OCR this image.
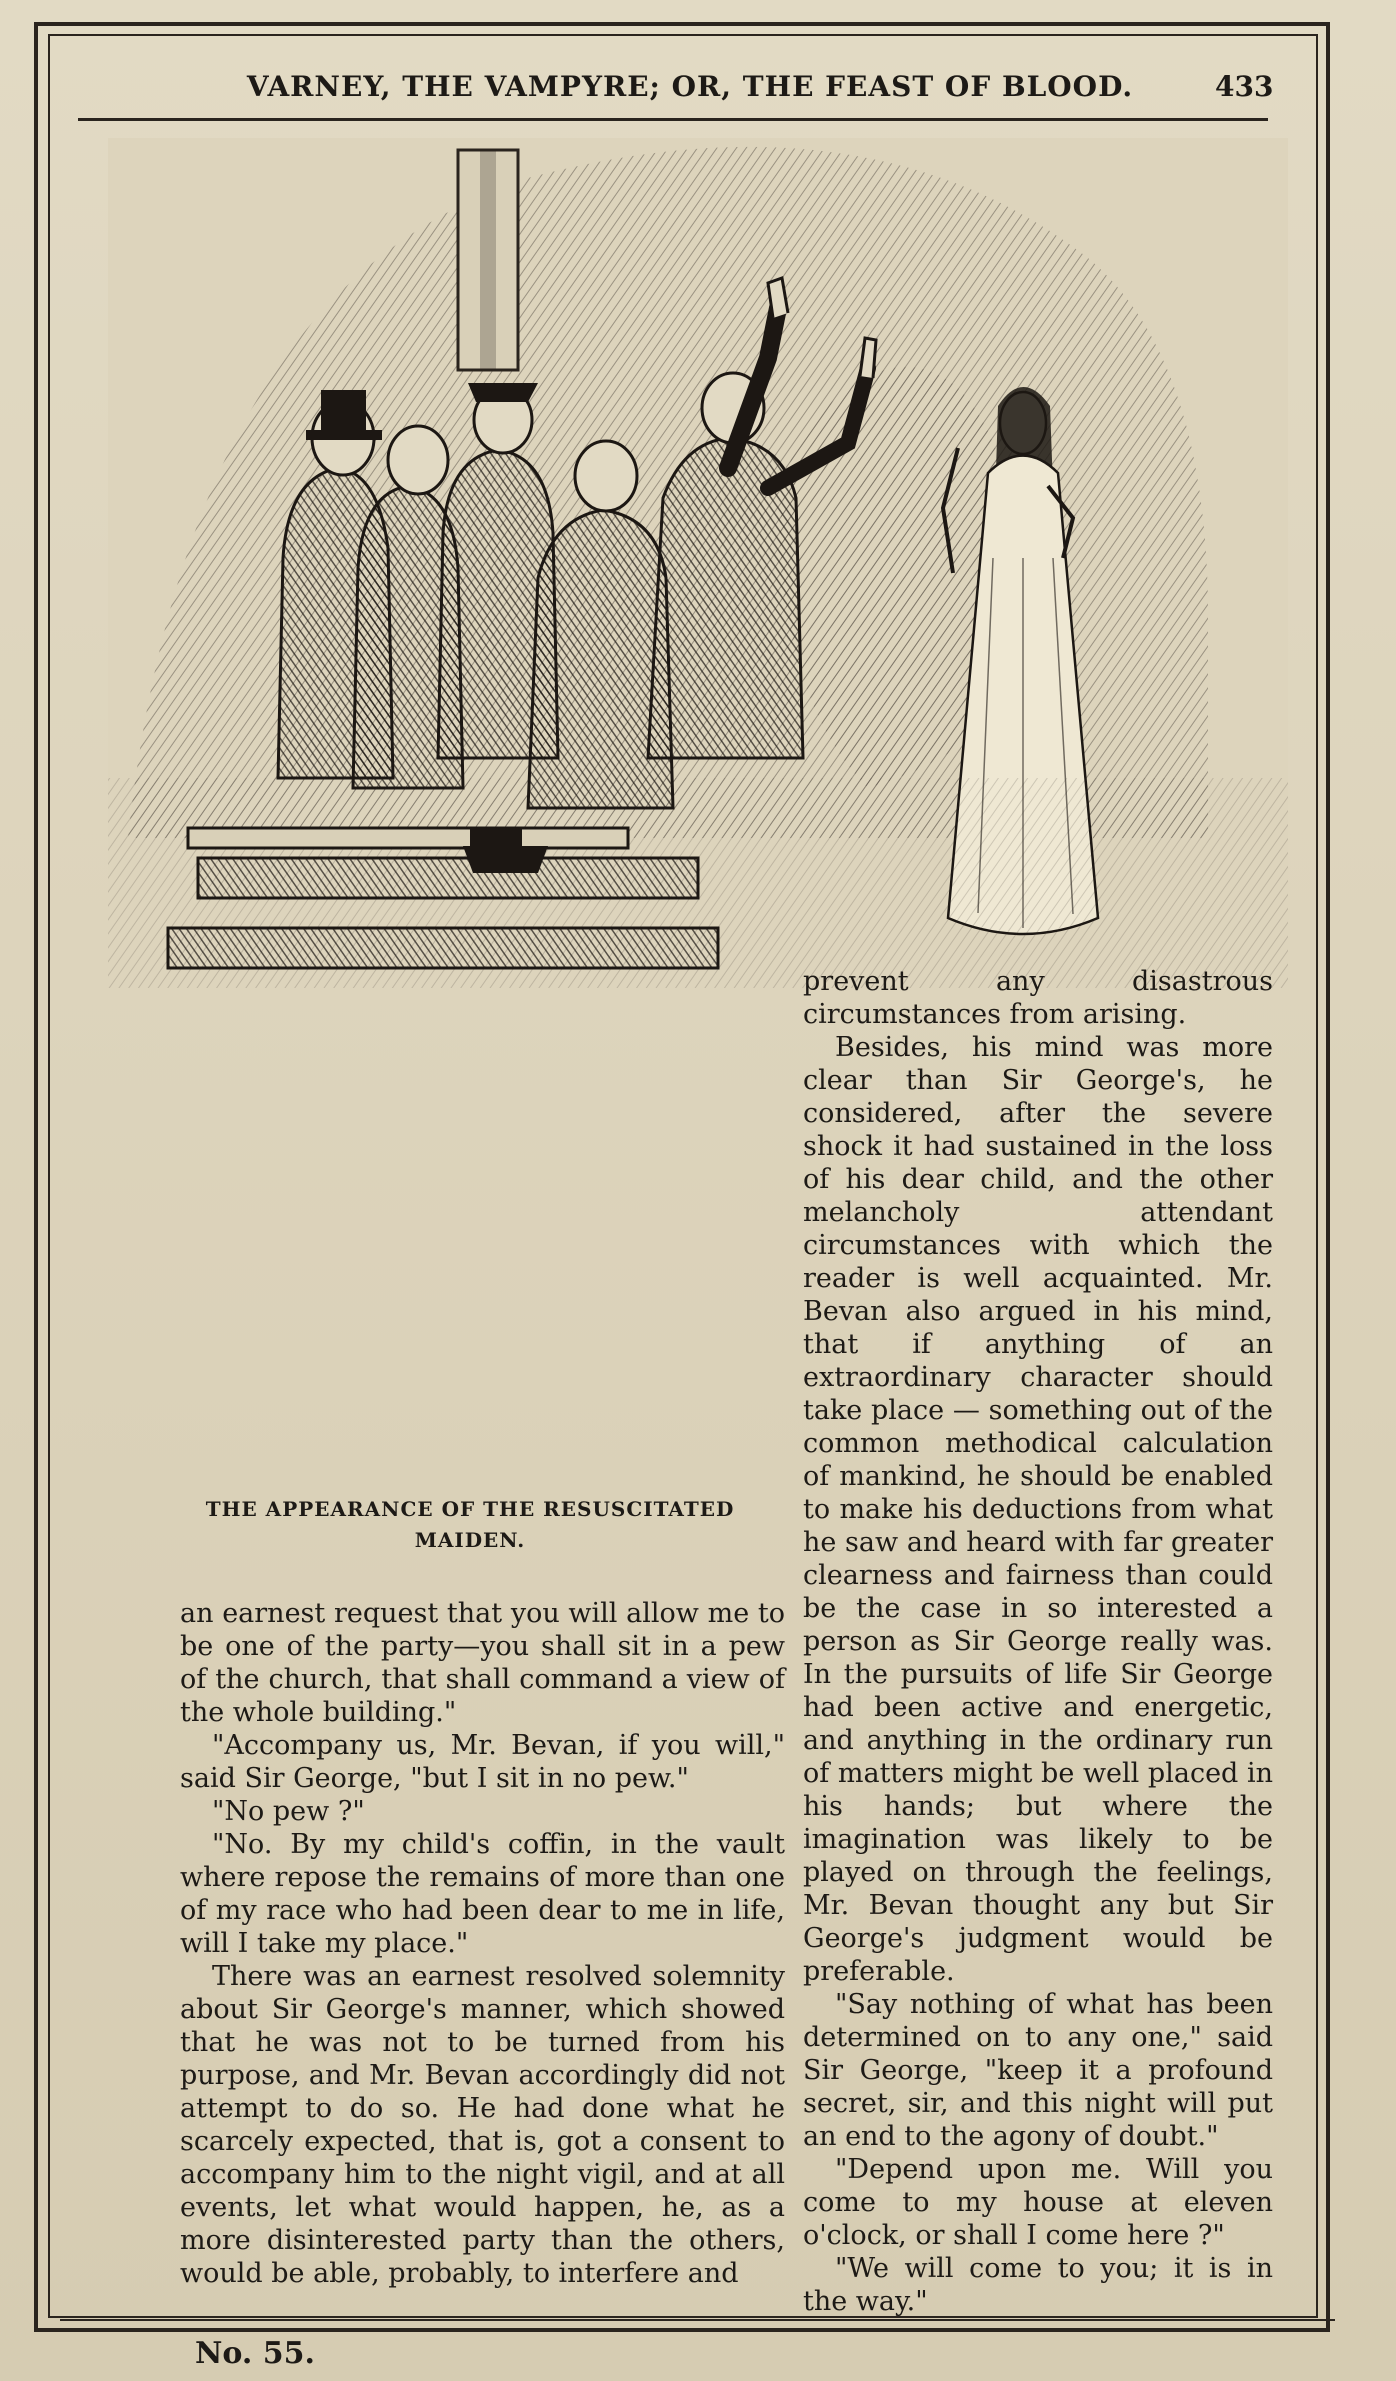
VARNEY, THE VAMPYRE; OR, THE FEAST OF BLOOD.	433
THE APPEARANCE OF THE RESUSCITATED
MAIDEN.

prevent any disastrous circumstances from arising.

Besides, his mind was more clear than Sir George's, he considered, after the severe shock it had sustained in the loss of his dear child, and the other melancholy attendant circumstances with which the reader is well acquainted. Mr. Bevan also argued in his mind, that if anything of an extraordinary character should take place — something out of the common methodical calculation of mankind, he should be enabled to make his deductions from what he saw and heard with far greater clearness and fairness than could be the case in so interested a person as Sir George really was. In the pursuits of life Sir George had been active and energetic, and anything in the ordinary run of matters might be well placed in his hands; but where the imagination was likely to be played on through the feelings, Mr. Bevan thought any but Sir George's judgment would be preferable.

"Say nothing of what has been determined on to any one," said Sir George, "keep it a profound secret, sir, and this night will put an end to the agony of doubt."

"Depend upon me. Will you come to my house at eleven o'clock, or shall I come here ?"

"We will come to you; it is in the way."

an earnest request that you will allow me to be one of the party—you shall sit in a pew of the church, that shall command a view of the whole building."

"Accompany us, Mr. Bevan, if you will," said Sir George, "but I sit in no pew."

"No pew ?"

"No. By my child's coffin, in the vault where repose the remains of more than one of my race who had been dear to me in life, will I take my place."

There was an earnest resolved solemnity about Sir George's manner, which showed that he was not to be turned from his purpose, and Mr. Bevan accordingly did not attempt to do so. He had done what he scarcely expected, that is, got a consent to accompany him to the night vigil, and at all events, let what would happen, he, as a more disinterested party than the others, would be able, probably, to interfere and

No. 55.
